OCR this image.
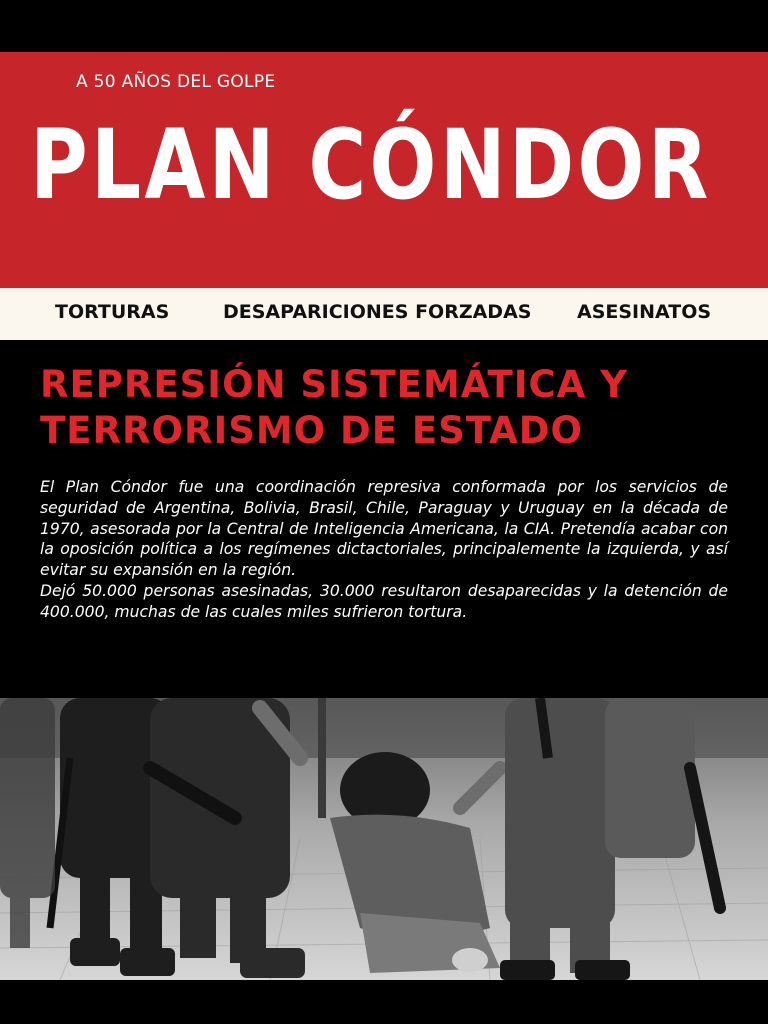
A 50 AÑOS DEL GOLPE
PLAN CÓNDOR
TORTURAS	DESAPARICIONES FORZADAS ASESINATOS
REPRESIÓN SISTEMÁTICA Y
TERRORISMO DE ESTADO

El Plan Cóndor fue una coordinación represiva conformada por los servicios de seguridad de Argentina, Bolivia, Brasil, Chile, Paraguay y Uruguay en la década de 1970, asesorada por la Central de Inteligencia Americana, la CIA. Pretendía acabar con la oposición política a los regímenes dictactoriales, principalemente la izquierda, y así evitar su expansión en la región.

Dejó 50.000 personas asesinadas, 30.000 resultaron desaparecidas y la detención de 400.000, muchas de las cuales miles sufrieron tortura.
